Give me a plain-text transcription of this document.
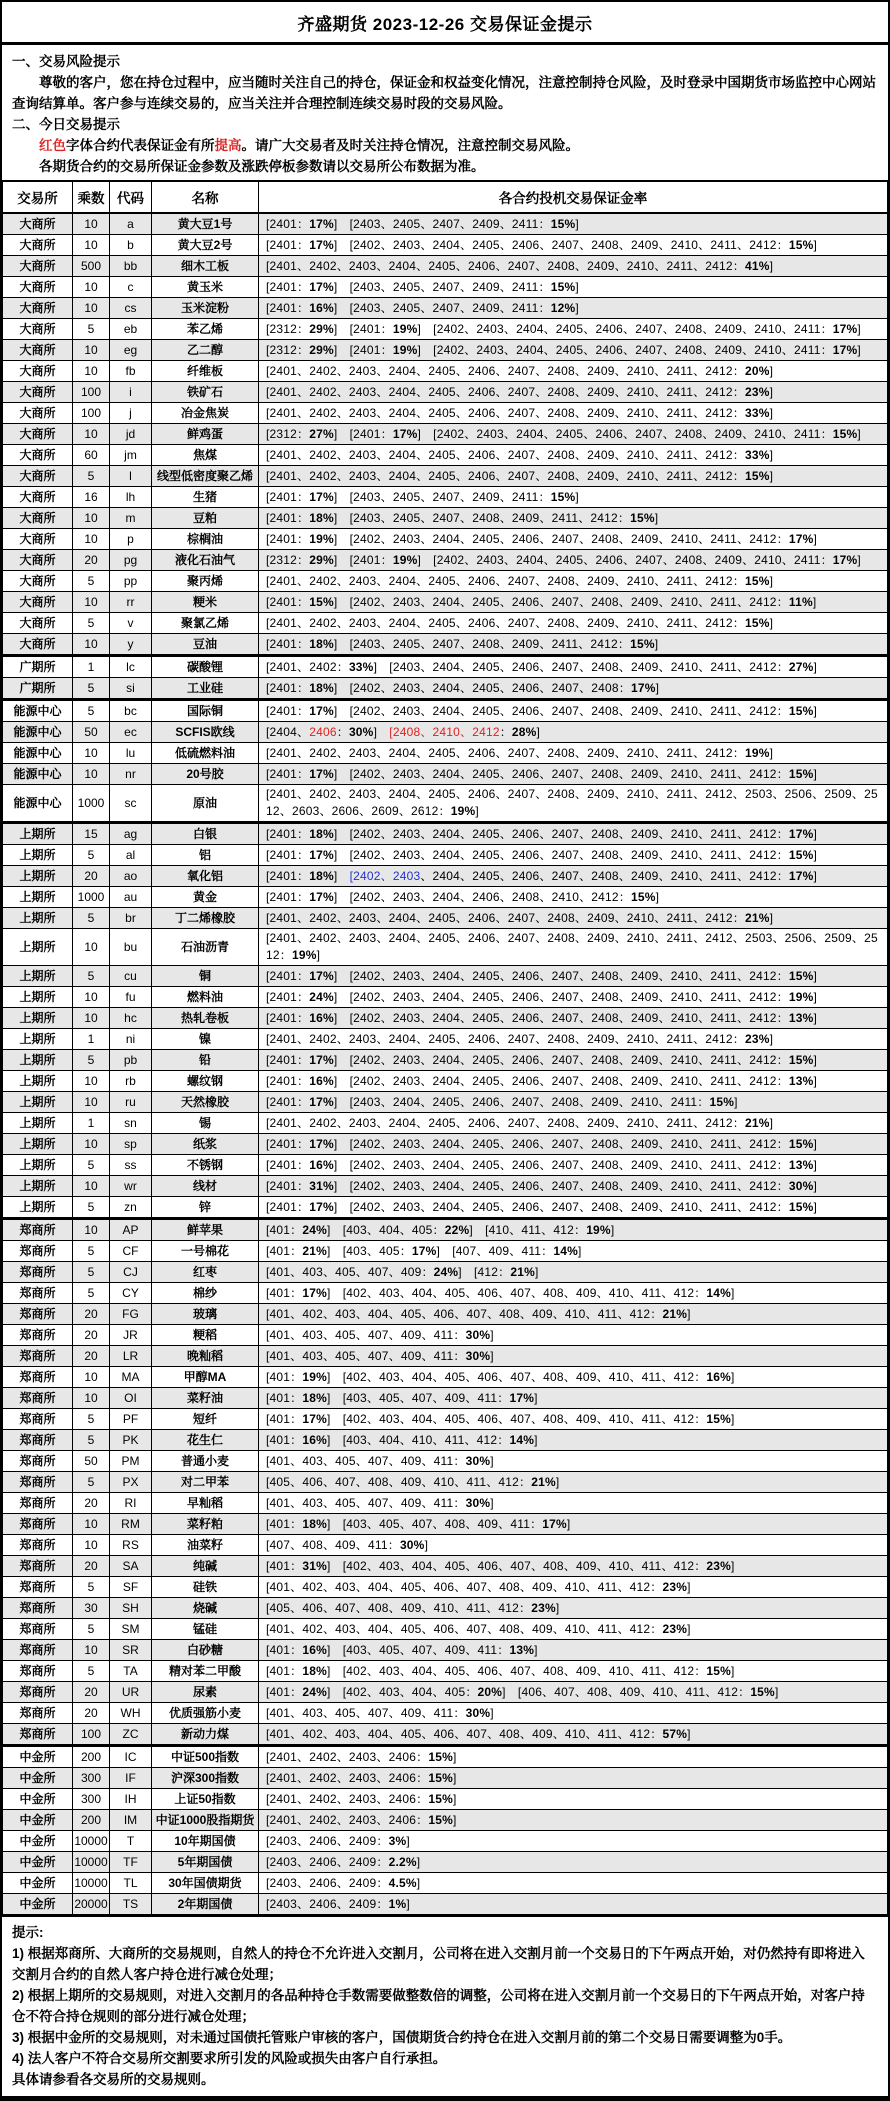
齐盛期货 2023-12-26 交易保证金提示

一、交易风险提示

尊敬的客户，您在持仓过程中，应当随时关注自己的持仓，保证金和权益变化情况，注意控制持仓风险，及时登录中国期货市场监控中心网站查询结算单。客户参与连续交易的，应当关注并合理控制连续交易时段的交易风险。

二、今日交易提示

红色字体合约代表保证金有所提高。请广大交易者及时关注持仓情况，注意控制交易风险。

各期货合约的交易所保证金参数及涨跌停板参数请以交易所公布数据为准。

交易所	乘数	代码	名称	各合约投机交易保证金率
大商所	10	a	黄大豆1号	[2401：17%]　[2403、2405、2407、2409、2411：15%]
大商所	10	b	黄大豆2号	[2401：17%]　[2402、2403、2404、2405、2406、2407、2408、2409、2410、2411、2412：15%]
大商所	500	bb	细木工板	[2401、2402、2403、2404、2405、2406、2407、2408、2409、2410、2411、2412：41%]
大商所	10	c	黄玉米	[2401：17%]　[2403、2405、2407、2409、2411：15%]
大商所	10	cs	玉米淀粉	[2401：16%]　[2403、2405、2407、2409、2411：12%]
大商所	5	eb	苯乙烯	[2312：29%]　[2401：19%]　[2402、2403、2404、2405、2406、2407、2408、2409、2410、2411：17%]
大商所	10	eg	乙二醇	[2312：29%]　[2401：19%]　[2402、2403、2404、2405、2406、2407、2408、2409、2410、2411：17%]
大商所	10	fb	纤维板	[2401、2402、2403、2404、2405、2406、2407、2408、2409、2410、2411、2412：20%]
大商所	100	i	铁矿石	[2401、2402、2403、2404、2405、2406、2407、2408、2409、2410、2411、2412：23%]
大商所	100	j	冶金焦炭	[2401、2402、2403、2404、2405、2406、2407、2408、2409、2410、2411、2412：33%]
大商所	10	jd	鲜鸡蛋	[2312：27%]　[2401：17%]　[2402、2403、2404、2405、2406、2407、2408、2409、2410、2411：15%]
大商所	60	jm	焦煤	[2401、2402、2403、2404、2405、2406、2407、2408、2409、2410、2411、2412：33%]
大商所	5	l	线型低密度聚乙烯	[2401、2402、2403、2404、2405、2406、2407、2408、2409、2410、2411、2412：15%]
大商所	16	lh	生猪	[2401：17%]　[2403、2405、2407、2409、2411：15%]
大商所	10	m	豆粕	[2401：18%]　[2403、2405、2407、2408、2409、2411、2412：15%]
大商所	10	p	棕榈油	[2401：19%]　[2402、2403、2404、2405、2406、2407、2408、2409、2410、2411、2412：17%]
大商所	20	pg	液化石油气	[2312：29%]　[2401：19%]　[2402、2403、2404、2405、2406、2407、2408、2409、2410、2411：17%]
大商所	5	pp	聚丙烯	[2401、2402、2403、2404、2405、2406、2407、2408、2409、2410、2411、2412：15%]
大商所	10	rr	粳米	[2401：15%]　[2402、2403、2404、2405、2406、2407、2408、2409、2410、2411、2412：11%]
大商所	5	v	聚氯乙烯	[2401、2402、2403、2404、2405、2406、2407、2408、2409、2410、2411、2412：15%]
大商所	10	y	豆油	[2401：18%]　[2403、2405、2407、2408、2409、2411、2412：15%]
广期所	1	lc	碳酸锂	[2401、2402：33%]　[2403、2404、2405、2406、2407、2408、2409、2410、2411、2412：27%]
广期所	5	si	工业硅	[2401：18%]　[2402、2403、2404、2405、2406、2407、2408：17%]
能源中心	5	bc	国际铜	[2401：17%]　[2402、2403、2404、2405、2406、2407、2408、2409、2410、2411、2412：15%]
能源中心	50	ec	SCFIS欧线	[2404、2406：30%]　[2408、2410、2412：28%]
能源中心	10	lu	低硫燃料油	[2401、2402、2403、2404、2405、2406、2407、2408、2409、2410、2411、2412：19%]
能源中心	10	nr	20号胶	[2401：17%]　[2402、2403、2404、2405、2406、2407、2408、2409、2410、2411、2412：15%]
能源中心	1000	sc	原油	[2401、2402、2403、2404、2405、2406、2407、2408、2409、2410、2411、2412、2503、2506、2509、2512、2603、2606、2609、2612：19%]
上期所	15	ag	白银	[2401：18%]　[2402、2403、2404、2405、2406、2407、2408、2409、2410、2411、2412：17%]
上期所	5	al	铝	[2401：17%]　[2402、2403、2404、2405、2406、2407、2408、2409、2410、2411、2412：15%]
上期所	20	ao	氧化铝	[2401：18%]　[2402、2403、2404、2405、2406、2407、2408、2409、2410、2411、2412：17%]
上期所	1000	au	黄金	[2401：17%]　[2402、2403、2404、2406、2408、2410、2412：15%]
上期所	5	br	丁二烯橡胶	[2401、2402、2403、2404、2405、2406、2407、2408、2409、2410、2411、2412：21%]
上期所	10	bu	石油沥青	[2401、2402、2403、2404、2405、2406、2407、2408、2409、2410、2411、2412、2503、2506、2509、2512：19%]
上期所	5	cu	铜	[2401：17%]　[2402、2403、2404、2405、2406、2407、2408、2409、2410、2411、2412：15%]
上期所	10	fu	燃料油	[2401：24%]　[2402、2403、2404、2405、2406、2407、2408、2409、2410、2411、2412：19%]
上期所	10	hc	热轧卷板	[2401：16%]　[2402、2403、2404、2405、2406、2407、2408、2409、2410、2411、2412：13%]
上期所	1	ni	镍	[2401、2402、2403、2404、2405、2406、2407、2408、2409、2410、2411、2412：23%]
上期所	5	pb	铅	[2401：17%]　[2402、2403、2404、2405、2406、2407、2408、2409、2410、2411、2412：15%]
上期所	10	rb	螺纹钢	[2401：16%]　[2402、2403、2404、2405、2406、2407、2408、2409、2410、2411、2412：13%]
上期所	10	ru	天然橡胶	[2401：17%]　[2403、2404、2405、2406、2407、2408、2409、2410、2411：15%]
上期所	1	sn	锡	[2401、2402、2403、2404、2405、2406、2407、2408、2409、2410、2411、2412：21%]
上期所	10	sp	纸浆	[2401：17%]　[2402、2403、2404、2405、2406、2407、2408、2409、2410、2411、2412：15%]
上期所	5	ss	不锈钢	[2401：16%]　[2402、2403、2404、2405、2406、2407、2408、2409、2410、2411、2412：13%]
上期所	10	wr	线材	[2401：31%]　[2402、2403、2404、2405、2406、2407、2408、2409、2410、2411、2412：30%]
上期所	5	zn	锌	[2401：17%]　[2402、2403、2404、2405、2406、2407、2408、2409、2410、2411、2412：15%]
郑商所	10	AP	鲜苹果	[401：24%]　[403、404、405：22%]　[410、411、412：19%]
郑商所	5	CF	一号棉花	[401：21%]　[403、405：17%]　[407、409、411：14%]
郑商所	5	CJ	红枣	[401、403、405、407、409：24%]　[412：21%]
郑商所	5	CY	棉纱	[401：17%]　[402、403、404、405、406、407、408、409、410、411、412：14%]
郑商所	20	FG	玻璃	[401、402、403、404、405、406、407、408、409、410、411、412：21%]
郑商所	20	JR	粳稻	[401、403、405、407、409、411：30%]
郑商所	20	LR	晚籼稻	[401、403、405、407、409、411：30%]
郑商所	10	MA	甲醇MA	[401：19%]　[402、403、404、405、406、407、408、409、410、411、412：16%]
郑商所	10	OI	菜籽油	[401：18%]　[403、405、407、409、411：17%]
郑商所	5	PF	短纤	[401：17%]　[402、403、404、405、406、407、408、409、410、411、412：15%]
郑商所	5	PK	花生仁	[401：16%]　[403、404、410、411、412：14%]
郑商所	50	PM	普通小麦	[401、403、405、407、409、411：30%]
郑商所	5	PX	对二甲苯	[405、406、407、408、409、410、411、412：21%]
郑商所	20	RI	早籼稻	[401、403、405、407、409、411：30%]
郑商所	10	RM	菜籽粕	[401：18%]　[403、405、407、408、409、411：17%]
郑商所	10	RS	油菜籽	[407、408、409、411：30%]
郑商所	20	SA	纯碱	[401：31%]　[402、403、404、405、406、407、408、409、410、411、412：23%]
郑商所	5	SF	硅铁	[401、402、403、404、405、406、407、408、409、410、411、412：23%]
郑商所	30	SH	烧碱	[405、406、407、408、409、410、411、412：23%]
郑商所	5	SM	锰硅	[401、402、403、404、405、406、407、408、409、410、411、412：23%]
郑商所	10	SR	白砂糖	[401：16%]　[403、405、407、409、411：13%]
郑商所	5	TA	精对苯二甲酸	[401：18%]　[402、403、404、405、406、407、408、409、410、411、412：15%]
郑商所	20	UR	尿素	[401：24%]　[402、403、404、405：20%]　[406、407、408、409、410、411、412：15%]
郑商所	20	WH	优质强筋小麦	[401、403、405、407、409、411：30%]
郑商所	100	ZC	新动力煤	[401、402、403、404、405、406、407、408、409、410、411、412：57%]
中金所	200	IC	中证500指数	[2401、2402、2403、2406：15%]
中金所	300	IF	沪深300指数	[2401、2402、2403、2406：15%]
中金所	300	IH	上证50指数	[2401、2402、2403、2406：15%]
中金所	200	IM	中证1000股指期货	[2401、2402、2403、2406：15%]
中金所	10000	T	10年期国债	[2403、2406、2409：3%]
中金所	10000	TF	5年期国债	[2403、2406、2409：2.2%]
中金所	10000	TL	30年国债期货	[2403、2406、2409：4.5%]
中金所	20000	TS	2年期国债	[2403、2406、2409：1%]

提示:

1) 根据郑商所、大商所的交易规则，自然人的持仓不允许进入交割月，公司将在进入交割月前一个交易日的下午两点开始，对仍然持有即将进入交割月合约的自然人客户持仓进行减仓处理；

2) 根据上期所的交易规则，对进入交割月的各品种持仓手数需要做整数倍的调整，公司将在进入交割月前一个交易日的下午两点开始，对客户持仓不符合持仓规则的部分进行减仓处理；

3) 根据中金所的交易规则，对未通过国债托管账户审核的客户，国债期货合约持仓在进入交割月前的第二个交易日需要调整为0手。

4) 法人客户不符合交易所交割要求所引发的风险或损失由客户自行承担。

具体请参看各交易所的交易规则。
